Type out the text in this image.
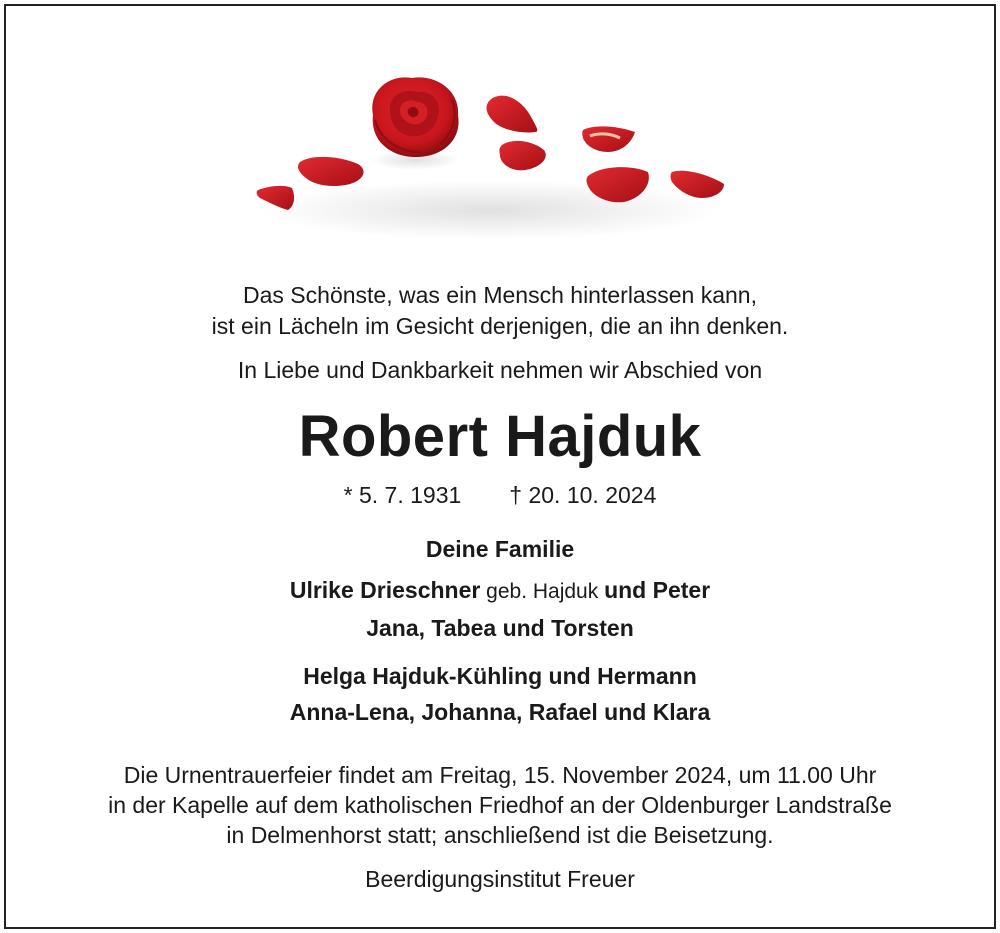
Das Schönste, was ein Mensch hinterlassen kann,
ist ein Lächeln im Gesicht derjenigen, die an ihn denken.
In Liebe und Dankbarkeit nehmen wir Abschied von
Robert Hajduk
* 5. 7. 1931 † 20. 10. 2024
Deine Familie
Ulrike Drieschner geb. Hajduk und Peter
Jana, Tabea und Torsten
Helga Hajduk-Kühling und Hermann
Anna-Lena, Johanna, Rafael und Klara
Die Urnentrauerfeier findet am Freitag, 15. November 2024, um 11.00 Uhr
in der Kapelle auf dem katholischen Friedhof an der Oldenburger Landstraße
in Delmenhorst statt; anschließend ist die Beisetzung.
Beerdigungsinstitut Freuer
